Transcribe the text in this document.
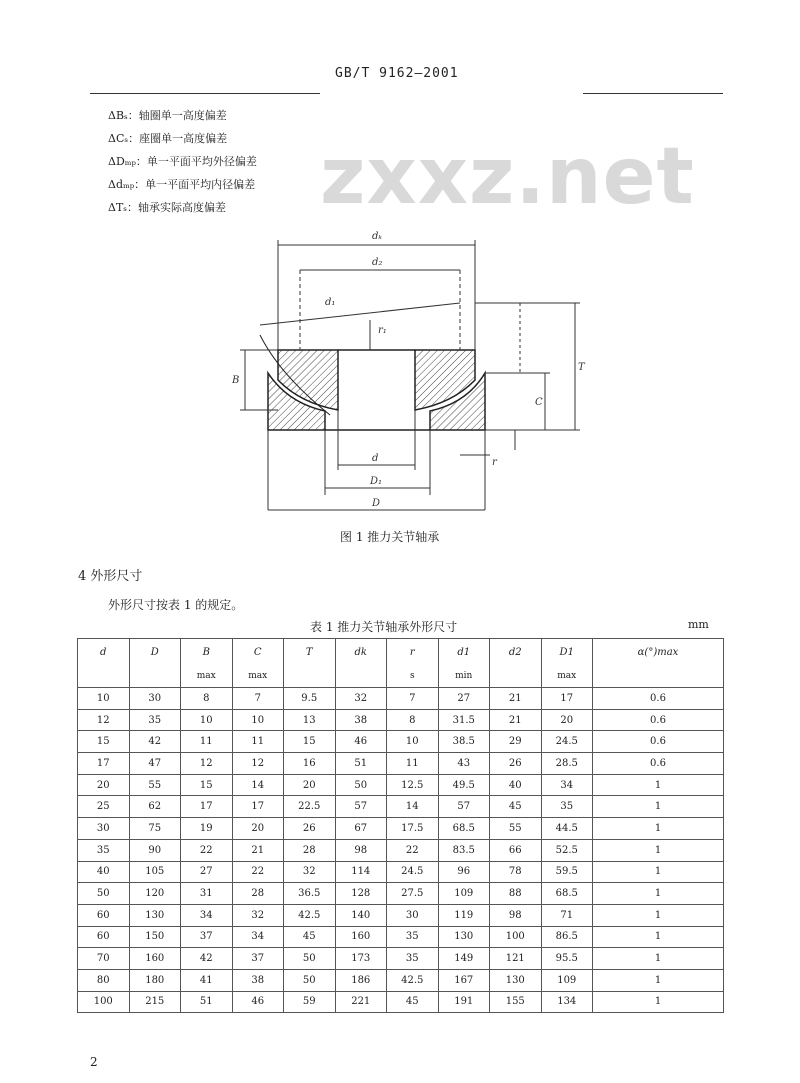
GB/T 9162—2001
ΔBₛ：轴圈单一高度偏差
ΔCₛ：座圈单一高度偏差
ΔDₘₚ：单一平面平均外径偏差
Δdₘₚ：单一平面平均内径偏差
ΔTₛ：轴承实际高度偏差 zxxz.net
dₖ
d₂
d₁
d
D₁
D
B
T
C
r
r₁
图 1 推力关节轴承
4 外形尺寸
外形尺寸按表 1 的规定。
表 1 推力关节轴承外形尺寸	mm
d	D	B	C	T	dk	r	d1	d2	D1	α(°)max
		max	max			s	min		max	
10	30	8	7	9.5	32	7	27	21	17	0.6
12	35	10	10	13	38	8	31.5	21	20	0.6
15	42	11	11	15	46	10	38.5	29	24.5	0.6
17	47	12	12	16	51	11	43	26	28.5	0.6
20	55	15	14	20	50	12.5	49.5	40	34	1
25	62	17	17	22.5	57	14	57	45	35	1
30	75	19	20	26	67	17.5	68.5	55	44.5	1
35	90	22	21	28	98	22	83.5	66	52.5	1
40	105	27	22	32	114	24.5	96	78	59.5	1
50	120	31	28	36.5	128	27.5	109	88	68.5	1
60	130	34	32	42.5	140	30	119	98	71	1
60	150	37	34	45	160	35	130	100	86.5	1
70	160	42	37	50	173	35	149	121	95.5	1
80	180	41	38	50	186	42.5	167	130	109	1
100	215	51	46	59	221	45	191	155	134	1
2
